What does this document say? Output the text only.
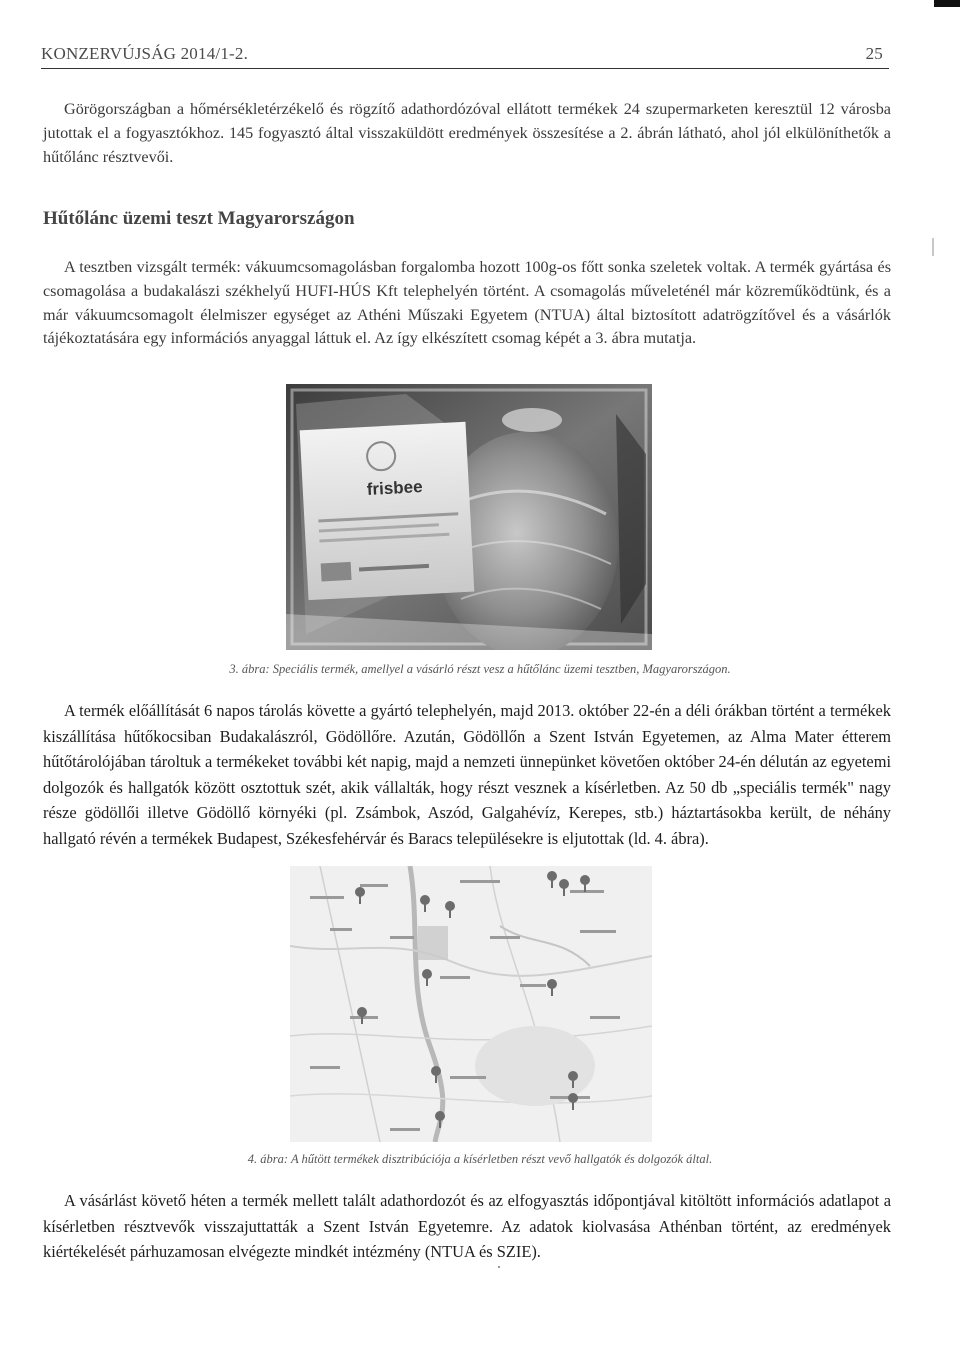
KONZERVÚJSÁG 2014/1-2.	25
Görögországban a hőmérsékletérzékelő és rögzítő adathordózóval ellátott termékek 24 szupermarketen keresztül 12 városba jutottak el a fogyasztókhoz. 145 fogyasztó által visszaküldött eredmények összesítése a 2. ábrán látható, ahol jól elkülöníthetők a hűtőlánc résztvevői.
Hűtőlánc üzemi teszt Magyarországon
A tesztben vizsgált termék: vákuumcsomagolásban forgalomba hozott 100g-os főtt sonka szeletek voltak. A termék gyártása és csomagolása a budakalászi székhelyű HUFI-HÚS Kft telephelyén történt. A csomagolás műveleténél már közreműködtünk, és a már vákuumcsomagolt élelmiszer egységet az Athéni Műszaki Egyetem (NTUA) által biztosított adatrögzítővel és a vásárlók tájékoztatására egy információs anyaggal láttuk el. Az így elkészített csomag képét a 3. ábra mutatja.
frisbee
3. ábra: Speciális termék, amellyel a vásárló részt vesz a hűtőlánc üzemi tesztben, Magyarországon.
A termék előállítását 6 napos tárolás követte a gyártó telephelyén, majd 2013. október 22-én a déli órákban történt a termékek kiszállítása hűtőkocsiban Budakalászról, Gödöllőre. Azután, Gödöllőn a Szent István Egyetemen, az Alma Mater étterem hűtőtárolójában tároltuk a termékeket további két napig, majd a nemzeti ünnepünket követően október 24-én délután az egyetemi dolgozók és hallgatók között osztottuk szét, akik vállalták, hogy részt vesznek a kísérletben. Az 50 db „speciális termék" nagy része gödöllői illetve Gödöllő környéki (pl. Zsámbok, Aszód, Galgahévíz, Kerepes, stb.) háztartásokba került, de néhány hallgató révén a termékek Budapest, Székesfehérvár és Baracs településekre is eljutottak (ld. 4. ábra).
4. ábra: A hűtött termékek disztribúciója a kísérletben részt vevő hallgatók és dolgozók által.
A vásárlást követő héten a termék mellett talált adathordozót és az elfogyasztás időpontjával kitöltött információs adatlapot a kísérletben résztvevők visszajuttatták a Szent István Egyetemre. Az adatok kiolvasása Athénban történt, az eredmények kiértékelését párhuzamosan elvégezte mindkét intézmény (NTUA és SZIE).
